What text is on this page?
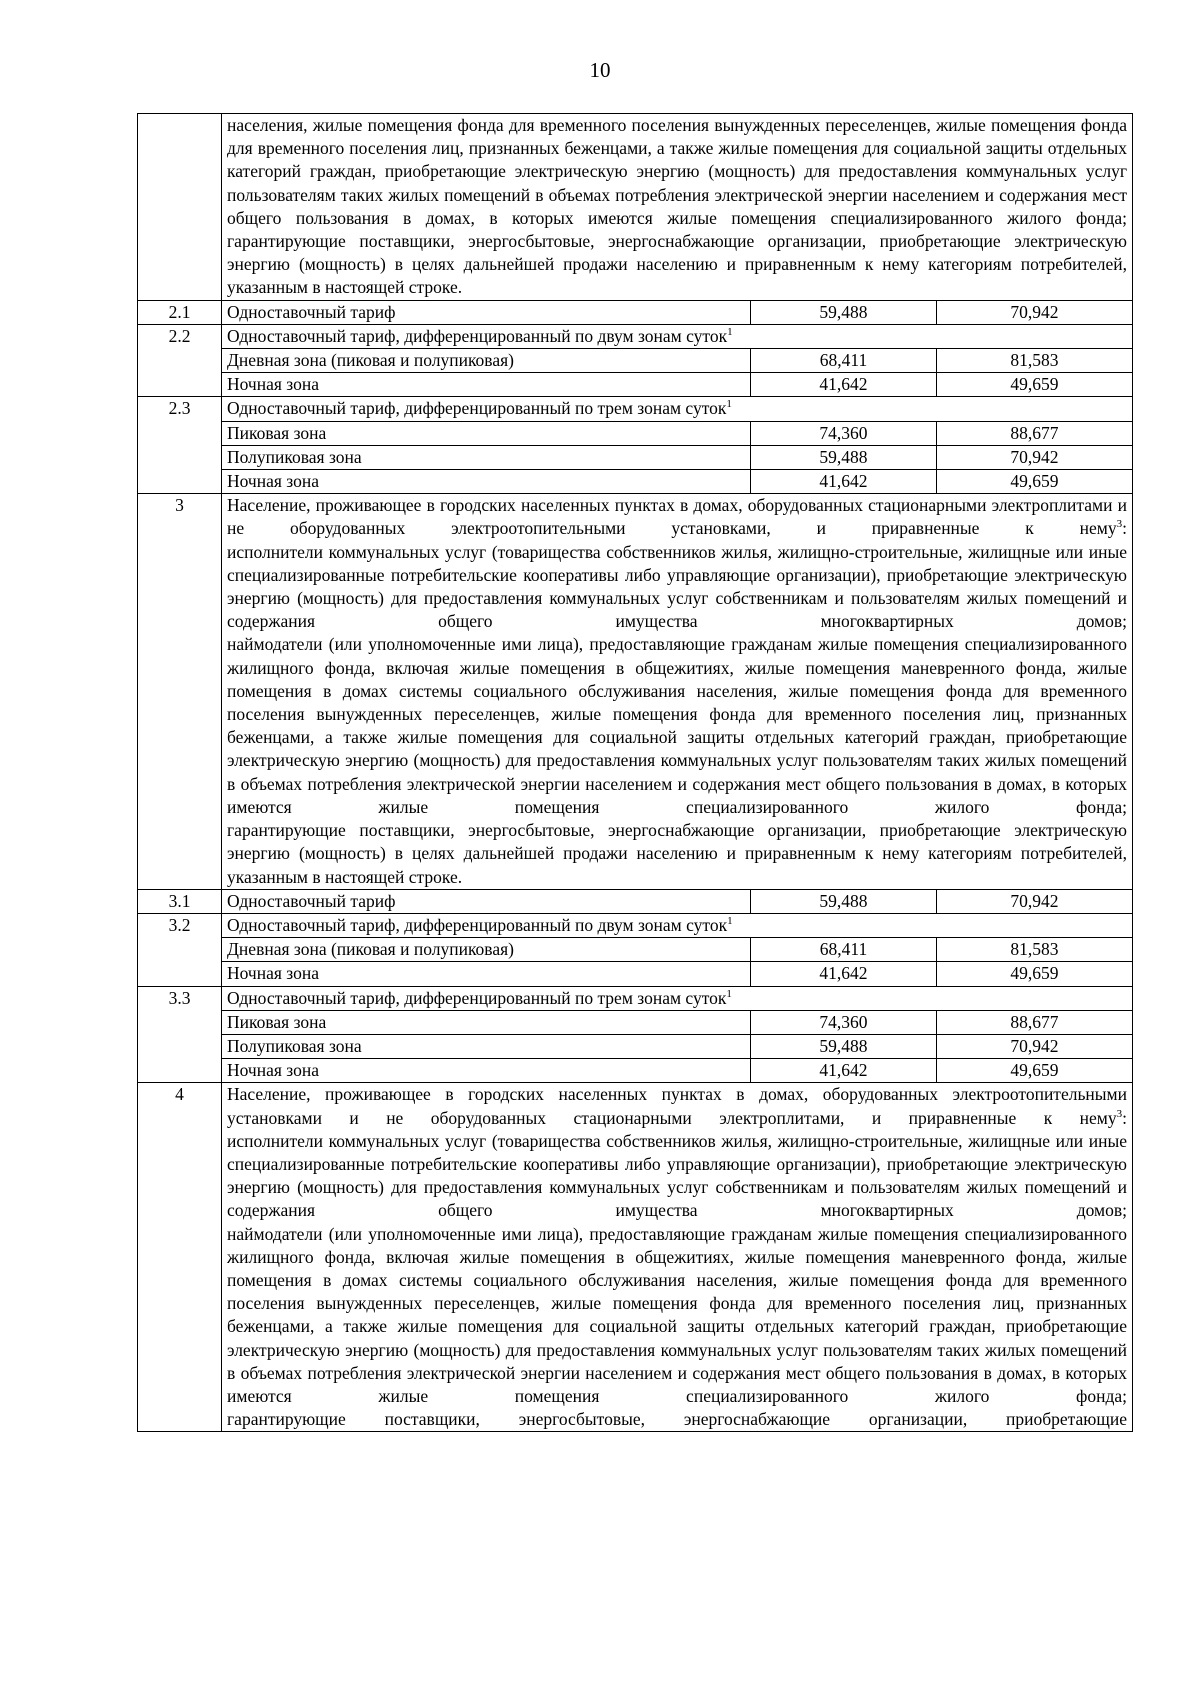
10

	населения, жилые помещения фонда для временного поселения вынужденных переселенцев, жилые помещения фонда для временного поселения лиц, признанных беженцами, а также жилые помещения для социальной защиты отдельных категорий граждан, приобретающие электрическую энергию (мощность) для предоставления коммунальных услуг пользователям таких жилых помещений в объемах потребления электрической энергии населением и содержания мест общего пользования в домах, в которых имеются жилые помещения специализированного жилого фонда;

гарантирующие поставщики, энергосбытовые, энергоснабжающие организации, приобретающие электрическую энергию (мощность) в целях дальнейшей продажи населению и приравненным к нему категориям потребителей, указанным в настоящей строке.		

2.1	Одноставочный тариф	59,488	70,942
2.2	Одноставочный тариф, дифференцированный по двум зонам суток$^1$
	Дневная зона (пиковая и полупиковая)	68,411	81,583
	Ночная зона	41,642	49,659
2.3	Одноставочный тариф, дифференцированный по трем зонам суток$^1$
	Пиковая зона	74,360	88,677
	Полупиковая зона	59,488	70,942
	Ночная зона	41,642	49,659
3	Население, проживающее в городских населенных пунктах в домах, оборудованных стационарными электроплитами и не оборудованных электроотопительными установками, и приравненные к нему$^3$:

исполнители коммунальных услуг (товарищества собственников жилья, жилищно-строительные, жилищные или иные специализированные потребительские кооперативы либо управляющие организации), приобретающие электрическую энергию (мощность) для предоставления коммунальных услуг собственникам и пользователям жилых помещений и содержания общего имущества многоквартирных домов;

наймодатели (или уполномоченные ими лица), предоставляющие гражданам жилые помещения специализированного жилищного фонда, включая жилые помещения в общежитиях, жилые помещения маневренного фонда, жилые помещения в домах системы социального обслуживания населения, жилые помещения фонда для временного поселения вынужденных переселенцев, жилые помещения фонда для временного поселения лиц, признанных беженцами, а также жилые помещения для социальной защиты отдельных категорий граждан, приобретающие электрическую энергию (мощность) для предоставления коммунальных услуг пользователям таких жилых помещений в объемах потребления электрической энергии населением и содержания мест общего пользования в домах, в которых имеются жилые помещения специализированного жилого фонда;

гарантирующие поставщики, энергосбытовые, энергоснабжающие организации, приобретающие электрическую энергию (мощность) в целях дальнейшей продажи населению и приравненным к нему категориям потребителей, указанным в настоящей строке.		

3.1	Одноставочный тариф	59,488	70,942
3.2	Одноставочный тариф, дифференцированный по двум зонам суток$^1$
	Дневная зона (пиковая и полупиковая)	68,411	81,583
	Ночная зона	41,642	49,659
3.3	Одноставочный тариф, дифференцированный по трем зонам суток$^1$
	Пиковая зона	74,360	88,677
	Полупиковая зона	59,488	70,942
	Ночная зона	41,642	49,659
4	Население, проживающее в городских населенных пунктах в домах, оборудованных электроотопительными установками и не оборудованных стационарными электроплитами, и приравненные к нему$^3$:

исполнители коммунальных услуг (товарищества собственников жилья, жилищно-строительные, жилищные или иные специализированные потребительские кооперативы либо управляющие организации), приобретающие электрическую энергию (мощность) для предоставления коммунальных услуг собственникам и пользователям жилых помещений и содержания общего имущества многоквартирных домов;

наймодатели (или уполномоченные ими лица), предоставляющие гражданам жилые помещения специализированного жилищного фонда, включая жилые помещения в общежитиях, жилые помещения маневренного фонда, жилые помещения в домах системы социального обслуживания населения, жилые помещения фонда для временного поселения вынужденных переселенцев, жилые помещения фонда для временного поселения лиц, признанных беженцами, а также жилые помещения для социальной защиты отдельных категорий граждан, приобретающие электрическую энергию (мощность) для предоставления коммунальных услуг пользователям таких жилых помещений в объемах потребления электрической энергии населением и содержания мест общего пользования в домах, в которых имеются жилые помещения специализированного жилого фонда;

гарантирующие поставщики, энергосбытовые, энергоснабжающие организации, приобретающие		
